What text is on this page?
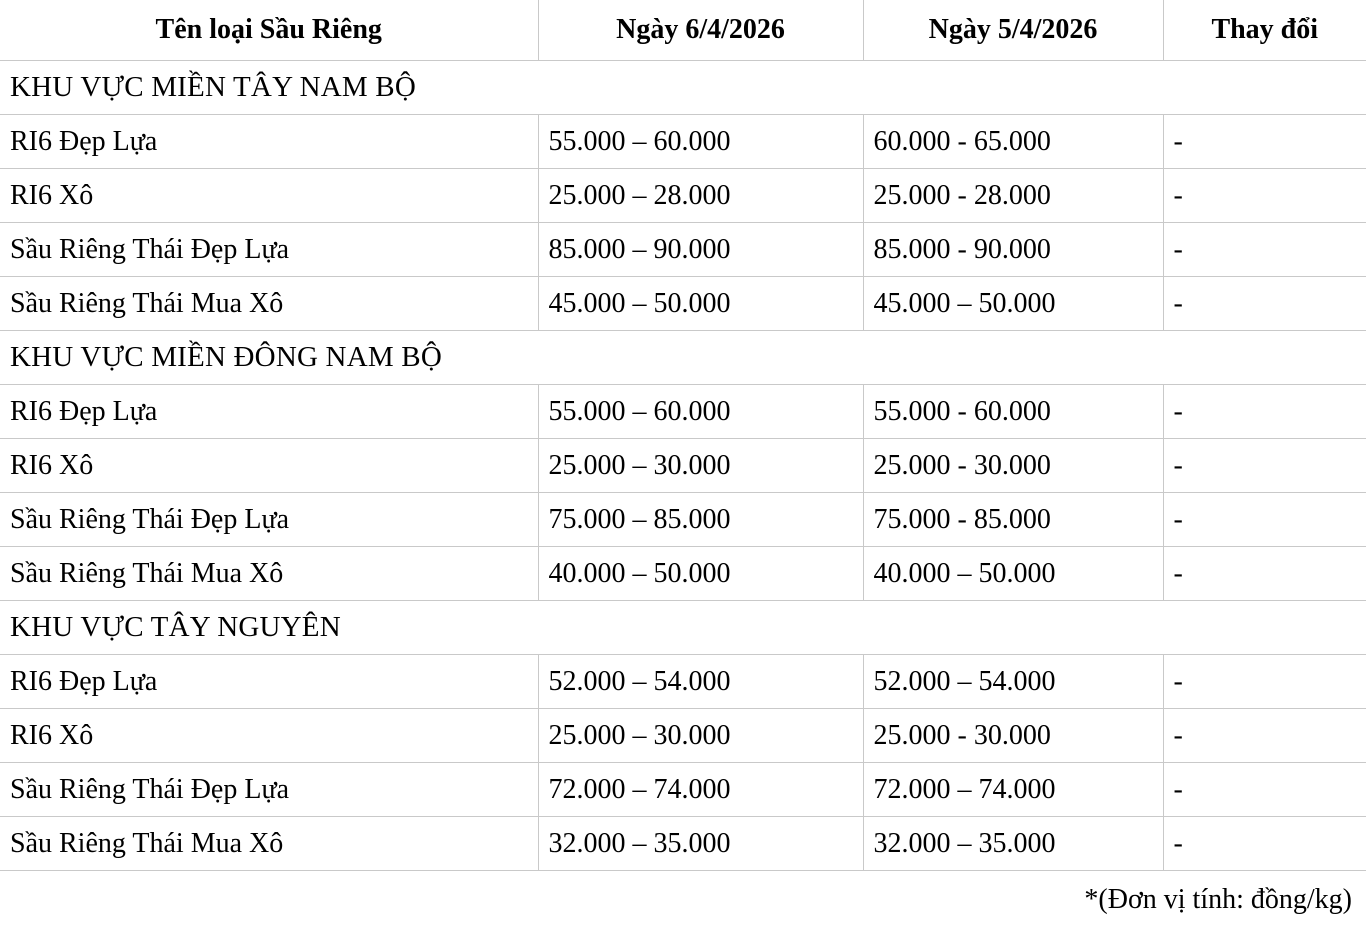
Tên loại Sầu Riêng	Ngày 6/4/2026	Ngày 5/4/2026	Thay đổi
KHU VỰC MIỀN TÂY NAM BỘ			
RI6 Đẹp Lựa	55.000 – 60.000	60.000 - 65.000	-
RI6 Xô	25.000 – 28.000	25.000 - 28.000	-
Sầu Riêng Thái Đẹp Lựa	85.000 – 90.000	85.000 - 90.000	-
Sầu Riêng Thái Mua Xô	45.000 – 50.000	45.000 – 50.000	-
KHU VỰC MIỀN ĐÔNG NAM BỘ			
RI6 Đẹp Lựa	55.000 – 60.000	55.000 - 60.000	-
RI6 Xô	25.000 – 30.000	25.000 - 30.000	-
Sầu Riêng Thái Đẹp Lựa	75.000 – 85.000	75.000 - 85.000	-
Sầu Riêng Thái Mua Xô	40.000 – 50.000	40.000 – 50.000	-
KHU VỰC TÂY NGUYÊN			
RI6 Đẹp Lựa	52.000 – 54.000	52.000 – 54.000	-
RI6 Xô	25.000 – 30.000	25.000 - 30.000	-
Sầu Riêng Thái Đẹp Lựa	72.000 – 74.000	72.000 – 74.000	-
Sầu Riêng Thái Mua Xô	32.000 – 35.000	32.000 – 35.000	-
*(Đơn vị tính: đồng/kg)			
